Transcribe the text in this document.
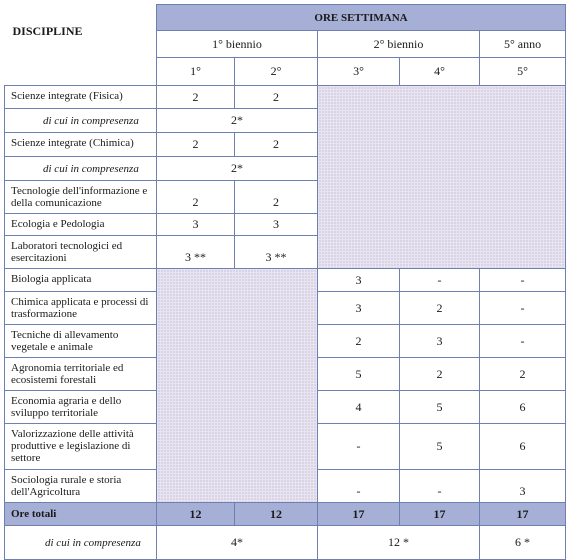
DISCIPLINE	ORE SETTIMANA				
	1° biennio		2° biennio		5° anno
	1°	2°	3°	4°	5°
Scienze integrate (Fisica)	2	2			
di cui in compresenza	2*				
Scienze integrate (Chimica)	2	2			
di cui in compresenza	2*				
Tecnologie dell'informazione e della comunicazione	2	2			
Ecologia e Pedologia	3	3			
Laboratori tecnologici ed esercitazioni	3 **	3 **			
Biologia applicata			3	-	-
Chimica applicata e processi di trasformazione			3	2	-
Tecniche di allevamento vegetale e animale			2	3	-
Agronomia territoriale ed ecosistemi forestali			5	2	2
Economia agraria e dello sviluppo territoriale			4	5	6
Valorizzazione delle attività produttive e legislazione di settore			-	5	6
Sociologia rurale e storia dell'Agricoltura			-	-	3
Ore totali	12	12	17	17	17
di cui in compresenza	4*		12 *		6 *
